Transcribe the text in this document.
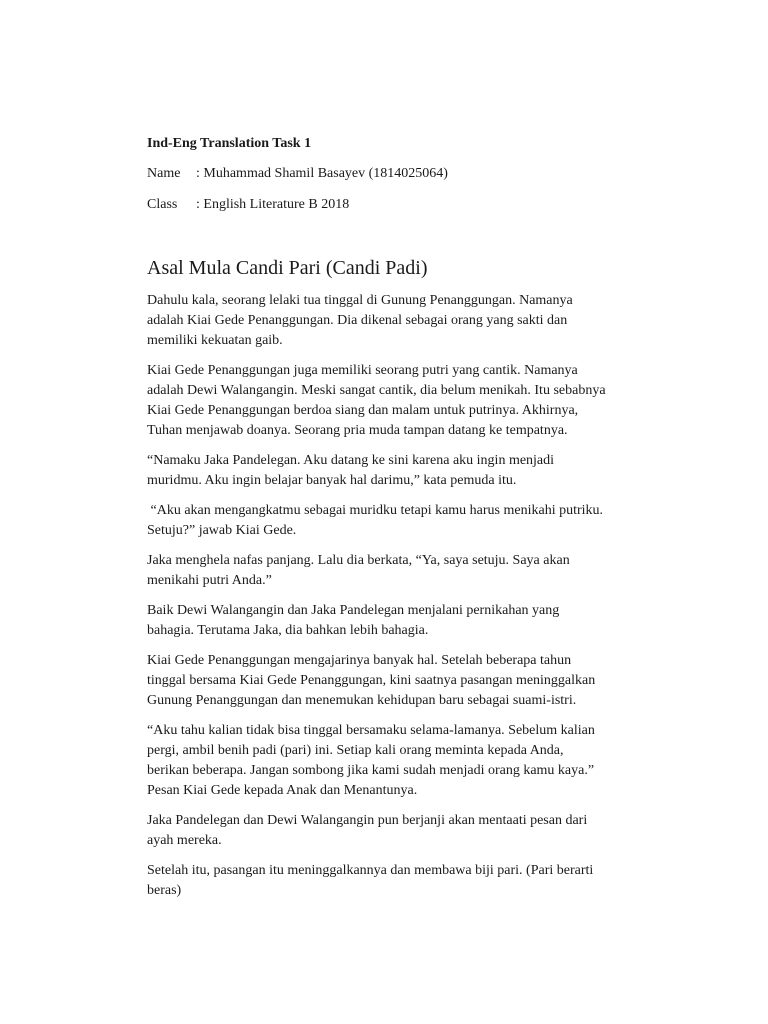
Ind-Eng Translation Task 1
Name : Muhammad Shamil Basayev (1814025064)
Class : English Literature B 2018
Asal Mula Candi Pari (Candi Padi)

Dahulu kala, seorang lelaki tua tinggal di Gunung Penanggungan. Namanya
adalah Kiai Gede Penanggungan. Dia dikenal sebagai orang yang sakti dan
memiliki kekuatan gaib.

Kiai Gede Penanggungan juga memiliki seorang putri yang cantik. Namanya
adalah Dewi Walangangin. Meski sangat cantik, dia belum menikah. Itu sebabnya
Kiai Gede Penanggungan berdoa siang dan malam untuk putrinya. Akhirnya,
Tuhan menjawab doanya. Seorang pria muda tampan datang ke tempatnya.

“Namaku Jaka Pandelegan. Aku datang ke sini karena aku ingin menjadi
muridmu. Aku ingin belajar banyak hal darimu,” kata pemuda itu.

“Aku akan mengangkatmu sebagai muridku tetapi kamu harus menikahi putriku.
Setuju?” jawab Kiai Gede.

Jaka menghela nafas panjang. Lalu dia berkata, “Ya, saya setuju. Saya akan
menikahi putri Anda.”

Baik Dewi Walangangin dan Jaka Pandelegan menjalani pernikahan yang
bahagia. Terutama Jaka, dia bahkan lebih bahagia.

Kiai Gede Penanggungan mengajarinya banyak hal. Setelah beberapa tahun
tinggal bersama Kiai Gede Penanggungan, kini saatnya pasangan meninggalkan
Gunung Penanggungan dan menemukan kehidupan baru sebagai suami-istri.

“Aku tahu kalian tidak bisa tinggal bersamaku selama-lamanya. Sebelum kalian
pergi, ambil benih padi (pari) ini. Setiap kali orang meminta kepada Anda,
berikan beberapa. Jangan sombong jika kami sudah menjadi orang kamu kaya.”
Pesan Kiai Gede kepada Anak dan Menantunya.

Jaka Pandelegan dan Dewi Walangangin pun berjanji akan mentaati pesan dari
ayah mereka.

Setelah itu, pasangan itu meninggalkannya dan membawa biji pari. (Pari berarti
beras)
